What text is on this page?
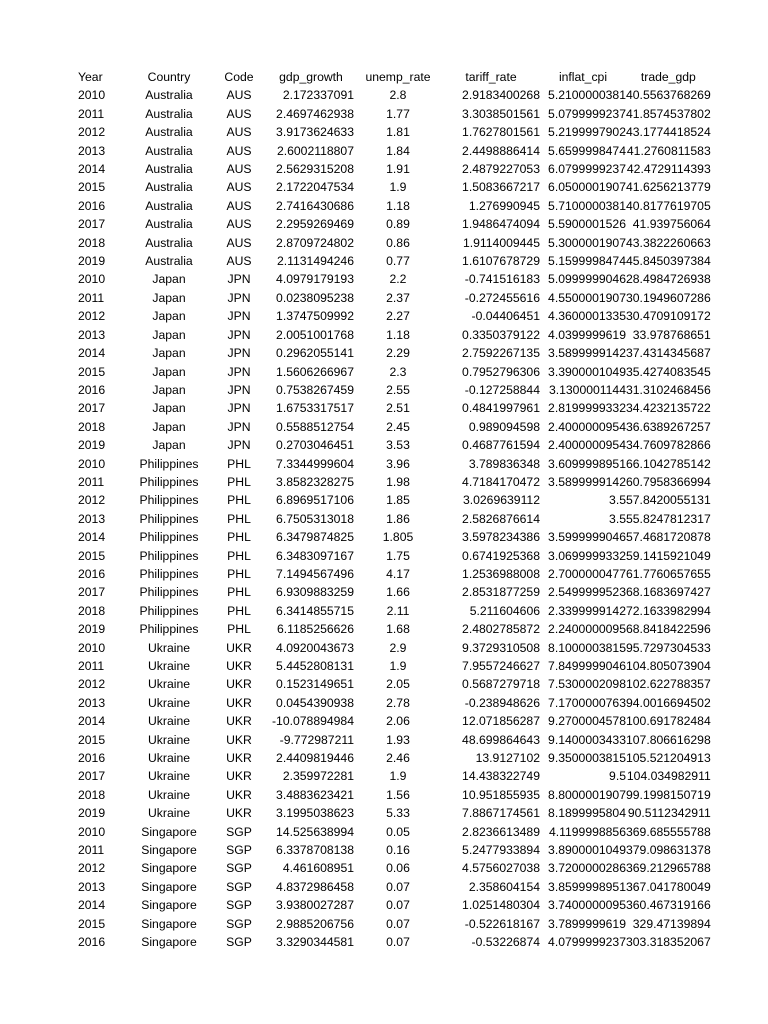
Year	Country	Code	gdp_growth	unemp_rate	tariff_rate	inflat_cpi	trade_gdp
2010	Australia	AUS	2.172337091	2.8	2.9183400268	5.2100000381	40.5563768269
2011	Australia	AUS	2.4697462938	1.77	3.3038501561	5.0799999237	41.8574537802
2012	Australia	AUS	3.9173624633	1.81	1.7627801561	5.2199997902	43.1774418524
2013	Australia	AUS	2.6002118807	1.84	2.4498886414	5.6599998474	41.2760811583
2014	Australia	AUS	2.5629315208	1.91	2.4879227053	6.0799999237	42.4729114393
2015	Australia	AUS	2.1722047534	1.9	1.5083667217	6.0500001907	41.6256213779
2016	Australia	AUS	2.7416430686	1.18	1.276990945	5.7100000381	40.8177619705
2017	Australia	AUS	2.2959269469	0.89	1.9486474094	5.5900001526	41.939756064
2018	Australia	AUS	2.8709724802	0.86	1.9114009445	5.3000001907	43.3822260663
2019	Australia	AUS	2.1131494246	0.77	1.6107678729	5.1599998474	45.8450397384
2010	Japan	JPN	4.0979179193	2.2	-0.741516183	5.0999999046	28.4984726938
2011	Japan	JPN	0.0238095238	2.37	-0.272455616	4.5500001907	30.1949607286
2012	Japan	JPN	1.3747509992	2.27	-0.04406451	4.3600001335	30.4709109172
2013	Japan	JPN	2.0051001768	1.18	0.3350379122	4.0399999619	33.978768651
2014	Japan	JPN	0.2962055141	2.29	2.7592267135	3.5899999142	37.4314345687
2015	Japan	JPN	1.5606266967	2.3	0.7952796306	3.3900001049	35.4274083545
2016	Japan	JPN	0.7538267459	2.55	-0.127258844	3.1300001144	31.3102468456
2017	Japan	JPN	1.6753317517	2.51	0.4841997961	2.8199999332	34.4232135722
2018	Japan	JPN	0.5588512754	2.45	0.989094598	2.4000000954	36.6389267257
2019	Japan	JPN	0.2703046451	3.53	0.4687761594	2.4000000954	34.7609782866
2010	Philippines	PHL	7.3344999604	3.96	3.789836348	3.6099998951	66.1042785142
2011	Philippines	PHL	3.8582328275	1.98	4.7184170472	3.5899999142	60.7958366994
2012	Philippines	PHL	6.8969517106	1.85	3.0269639112	3.5	57.8420055131
2013	Philippines	PHL	6.7505313018	1.86	2.5826876614	3.5	55.8247812317
2014	Philippines	PHL	6.3479874825	1.805	3.5978234386	3.5999999046	57.4681720878
2015	Philippines	PHL	6.3483097167	1.75	0.6741925368	3.0699999332	59.1415921049
2016	Philippines	PHL	7.1494567496	4.17	1.2536988008	2.7000000477	61.7760657655
2017	Philippines	PHL	6.9309883259	1.66	2.8531877259	2.5499999523	68.1683697427
2018	Philippines	PHL	6.3414855715	2.11	5.211604606	2.3399999142	72.1633982994
2019	Philippines	PHL	6.1185256626	1.68	2.4802785872	2.2400000095	68.8418422596
2010	Ukraine	UKR	4.0920043673	2.9	9.3729310508	8.1000003815	95.7297304533
2011	Ukraine	UKR	5.4452808131	1.9	7.9557246627	7.8499999046	104.805073904
2012	Ukraine	UKR	0.1523149651	2.05	0.5687279718	7.5300002098	102.622788357
2013	Ukraine	UKR	0.0454390938	2.78	-0.238948626	7.1700000763	94.0016694502
2014	Ukraine	UKR	-10.078894984	2.06	12.071856287	9.2700004578	100.691782484
2015	Ukraine	UKR	-9.772987211	1.93	48.699864643	9.1400003433	107.806616298
2016	Ukraine	UKR	2.4409819446	2.46	13.9127102	9.3500003815	105.521204913
2017	Ukraine	UKR	2.359972281	1.9	14.438322749	9.5	104.034982911
2018	Ukraine	UKR	3.4883623421	1.56	10.951855935	8.8000001907	99.1998150719
2019	Ukraine	UKR	3.1995038623	5.33	7.8867174561	8.1899995804	90.5112342911
2010	Singapore	SGP	14.525638994	0.05	2.8236613489	4.1199998856	369.685555788
2011	Singapore	SGP	6.3378708138	0.16	5.2477933894	3.8900001049	379.098631378
2012	Singapore	SGP	4.461608951	0.06	4.5756027038	3.7200000286	369.212965788
2013	Singapore	SGP	4.8372986458	0.07	2.358604154	3.8599998951	367.041780049
2014	Singapore	SGP	3.9380027287	0.07	1.0251480304	3.7400000095	360.467319166
2015	Singapore	SGP	2.9885206756	0.07	-0.522618167	3.7899999619	329.47139894
2016	Singapore	SGP	3.3290344581	0.07	-0.53226874	4.0799999237	303.318352067
